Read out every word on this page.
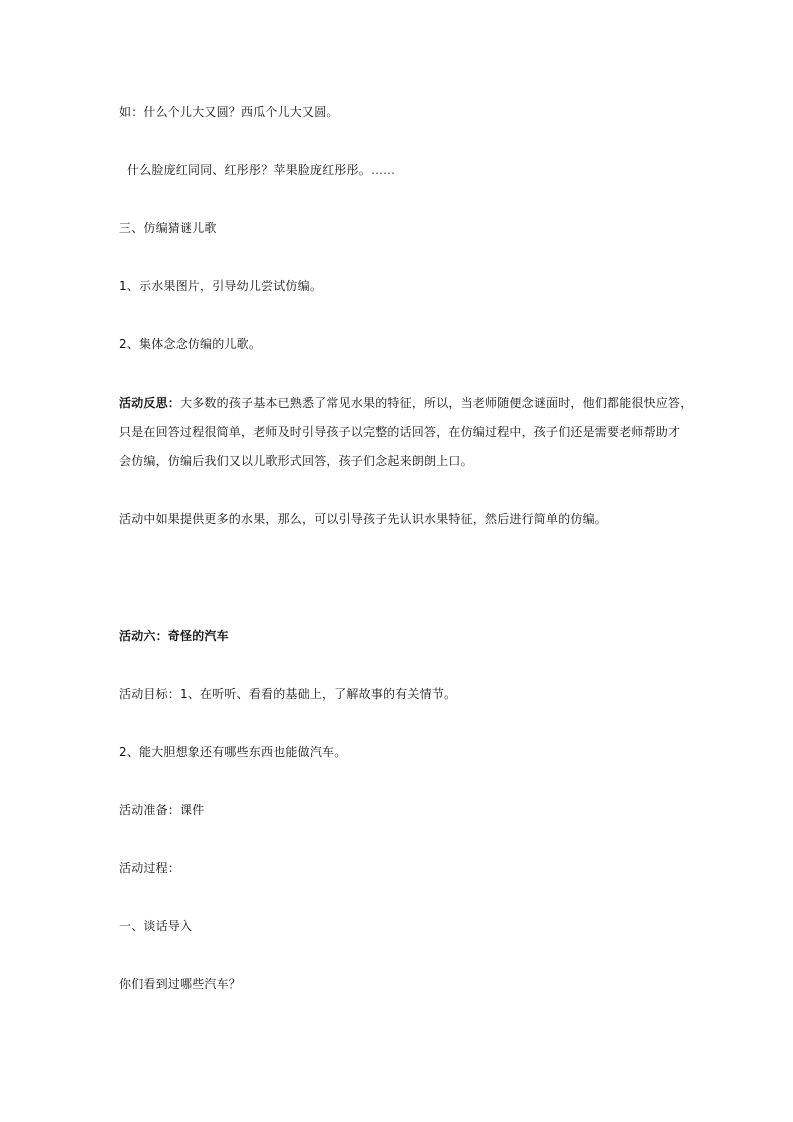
如：什么个儿大又圆？西瓜个儿大又圆。
什么脸庞红同同、红彤彤？苹果脸庞红彤彤。……
三、仿编猜谜儿歌
1、示水果图片，引导幼儿尝试仿编。
2、集体念念仿编的儿歌。
活动反思：大多数的孩子基本已熟悉了常见水果的特征，所以，当老师随便念谜面时，他们都能很快应答，
只是在回答过程很简单，老师及时引导孩子以完整的话回答，在仿编过程中，孩子们还是需要老师帮助才
会仿编，仿编后我们又以儿歌形式回答，孩子们念起来朗朗上口。
活动中如果提供更多的水果，那么，可以引导孩子先认识水果特征，然后进行简单的仿编。
活动六：奇怪的汽车
活动目标：1、在听听、看看的基础上，了解故事的有关情节。
2、能大胆想象还有哪些东西也能做汽车。
活动准备：课件
活动过程：
一、谈话导入
你们看到过哪些汽车？
